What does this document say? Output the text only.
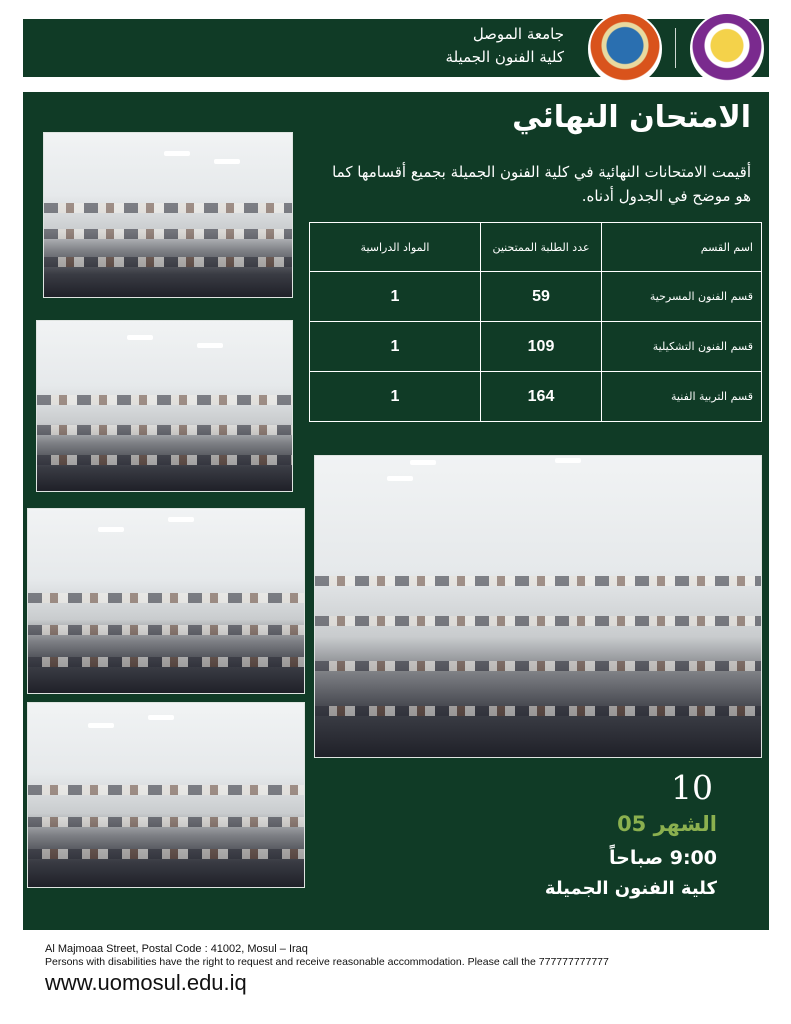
جامعة الموصل
كلية الفنون الجميلة
الامتحان النهائي
أقيمت الامتحانات النهائية في كلية الفنون الجميلة بجميع أقسامها كما هو موضح في الجدول أدناه.
اسم القسم	عدد الطلبة الممتحنين	المواد الدراسية
قسم الفنون المسرحية	59	1
قسم الفنون التشكيلية	109	1
قسم التربية الفنية	164	1
10
الشهر 05
9:00 صباحاً
كلية الفنون الجميلة
Al Majmoaa Street, Postal Code : 41002, Mosul – Iraq
Persons with disabilities have the right to request and receive reasonable accommodation. Please call the 777777777777
www.uomosul.edu.iq
